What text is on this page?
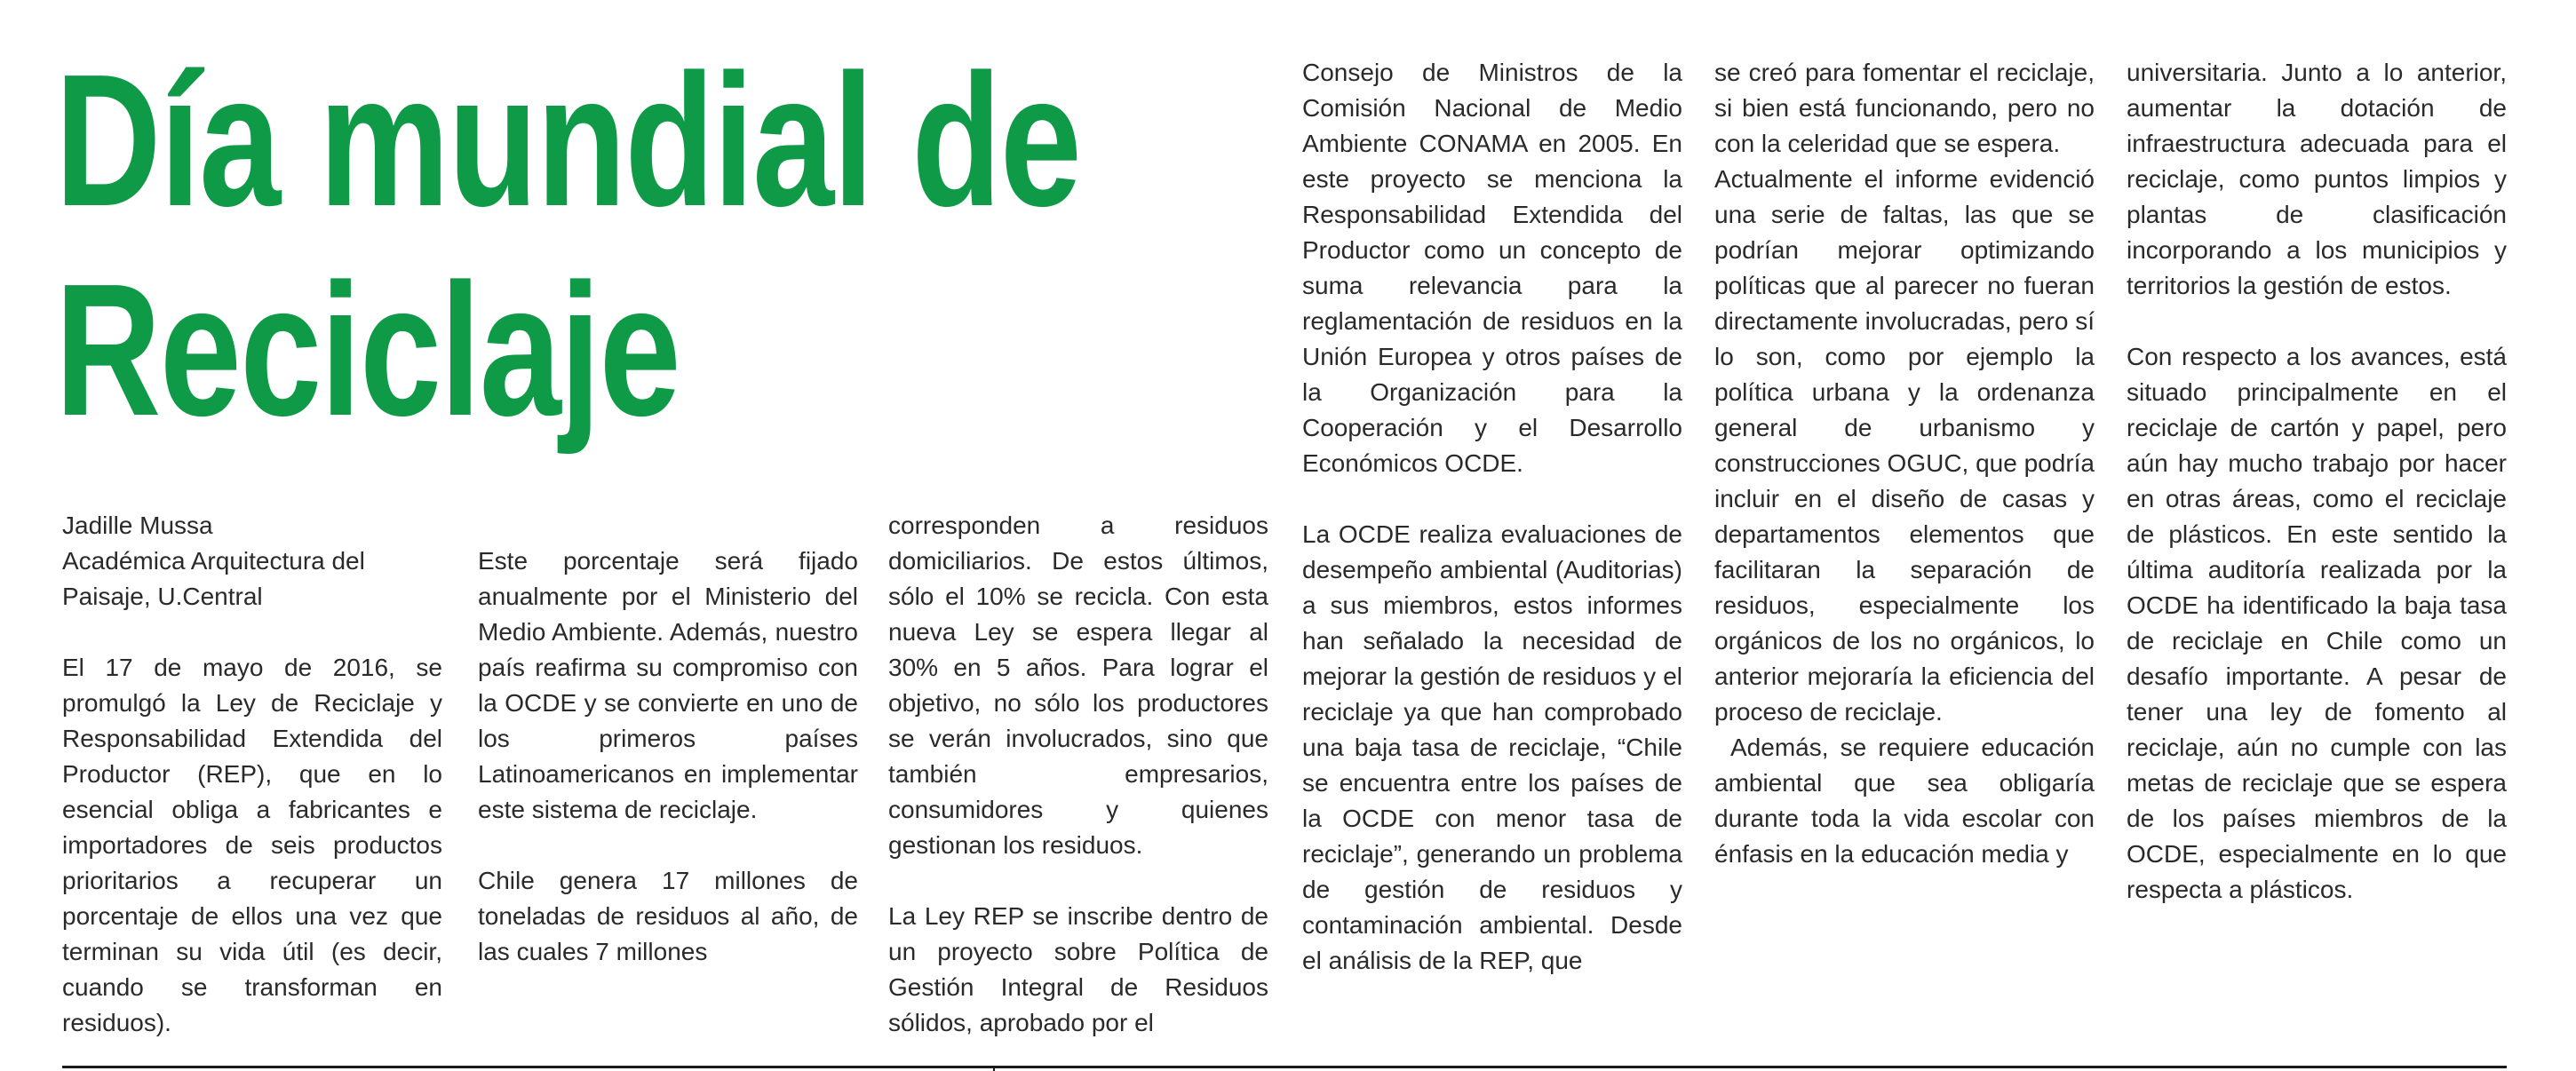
Día mundial de
Reciclaje

Jadille Mussa

Académica Arquitectura del

Paisaje, U.Central

El 17 de mayo de 2016, se promulgó la Ley de Reciclaje y Responsabilidad Extendida del Productor (REP), que en lo esencial obliga a fabricantes e importadores de seis productos prioritarios a recuperar un porcentaje de ellos una vez que terminan su vida útil (es decir, cuando se transforman en residuos).

Este porcentaje será fijado anualmente por el Ministerio del Medio Ambiente. Además, nuestro país reafirma su compromiso con la OCDE y se convierte en uno de los primeros países Latinoamericanos en implementar este sistema de reciclaje.

Chile genera 17 millones de toneladas de residuos al año, de las cuales 7 millones

corresponden a residuos domiciliarios. De estos últimos, sólo el 10% se recicla. Con esta nueva Ley se espera llegar al 30% en 5 años. Para lograr el objetivo, no sólo los productores se verán involucrados, sino que también empresarios, consumidores y quienes gestionan los residuos.

La Ley REP se inscribe dentro de un proyecto sobre Política de Gestión Integral de Residuos sólidos, aprobado por el

Consejo de Ministros de la Comisión Nacional de Medio Ambiente CONAMA en 2005. En este proyecto se menciona la Responsabilidad Extendida del Productor como un concepto de suma relevancia para la reglamentación de residuos en la Unión Europea y otros países de la Organización para la Cooperación y el Desarrollo Económicos OCDE.

La OCDE realiza evaluaciones de desempeño ambiental (Auditorias) a sus miembros, estos informes han señalado la necesidad de mejorar la gestión de residuos y el reciclaje ya que han comprobado una baja tasa de reciclaje, “Chile se encuentra entre los países de la OCDE con menor tasa de reciclaje”, generando un problema de gestión de residuos y contaminación ambiental. Desde el análisis de la REP, que

se creó para fomentar el reciclaje, si bien está funcionando, pero no con la celeridad que se espera.

Actualmente el informe evidenció una serie de faltas, las que se podrían mejorar optimizando políticas que al parecer no fueran directamente involucradas, pero sí lo son, como por ejemplo la política urbana y la ordenanza general de urbanismo y construcciones OGUC, que podría incluir en el diseño de casas y departamentos elementos que facilitaran la separación de residuos, especialmente los orgánicos de los no orgánicos, lo anterior mejoraría la eficiencia del proceso de reciclaje.

Además, se requiere educación ambiental que sea obligaría durante toda la vida escolar con énfasis en la educación media y

universitaria. Junto a lo anterior, aumentar la dotación de infraestructura adecuada para el reciclaje, como puntos limpios y plantas de clasificación incorporando a los municipios y territorios la gestión de estos.

Con respecto a los avances, está situado principalmente en el reciclaje de cartón y papel, pero aún hay mucho trabajo por hacer en otras áreas, como el reciclaje de plásticos. En este sentido la última auditoría realizada por la OCDE ha identificado la baja tasa de reciclaje en Chile como un desafío importante. A pesar de tener una ley de fomento al reciclaje, aún no cumple con las metas de reciclaje que se espera de los países miembros de la OCDE, especialmente en lo que respecta a plásticos.
